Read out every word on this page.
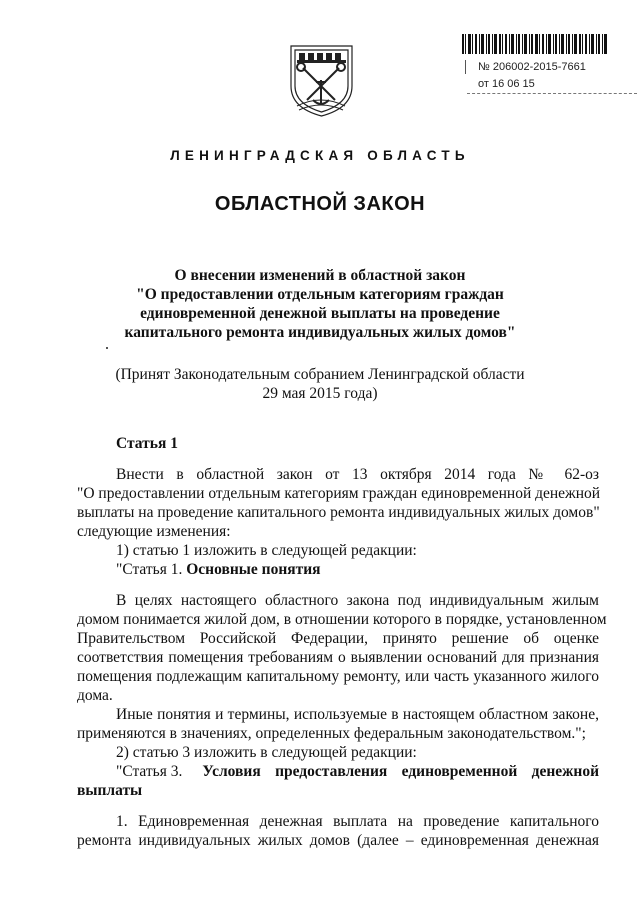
№ 206002-2015-7661
от 16 06 15
ЛЕНИНГРАДСКАЯ ОБЛАСТЬ
ОБЛАСТНОЙ ЗАКОН
О внесении изменений в областной закон
"О предоставлении отдельным категориям граждан
единовременной денежной выплаты на проведение
капитального ремонта индивидуальных жилых домов"
(Принят Законодательным собранием Ленинградской области
29 мая 2015 года)
Статья 1
Внести в областной закон от 13 октября 2014 года № 62-оз
"О предоставлении отдельным категориям граждан единовременной денежной
выплаты на проведение капитального ремонта индивидуальных жилых домов"
следующие изменения:
1) статью 1 изложить в следующей редакции:
"Статья 1. Основные понятия
В целях настоящего областного закона под индивидуальным жилым
домом понимается жилой дом, в отношении которого в порядке, установленном
Правительством Российской Федерации, принято решение об оценке
соответствия помещения требованиям о выявлении оснований для признания
помещения подлежащим капитальному ремонту, или часть указанного жилого
дома.
Иные понятия и термины, используемые в настоящем областном законе,
применяются в значениях, определенных федеральным законодательством.";
2) статью 3 изложить в следующей редакции:
"Статья 3. Условия предоставления единовременной денежной
выплаты
1. Единовременная денежная выплата на проведение капитального
ремонта индивидуальных жилых домов (далее – единовременная денежная
